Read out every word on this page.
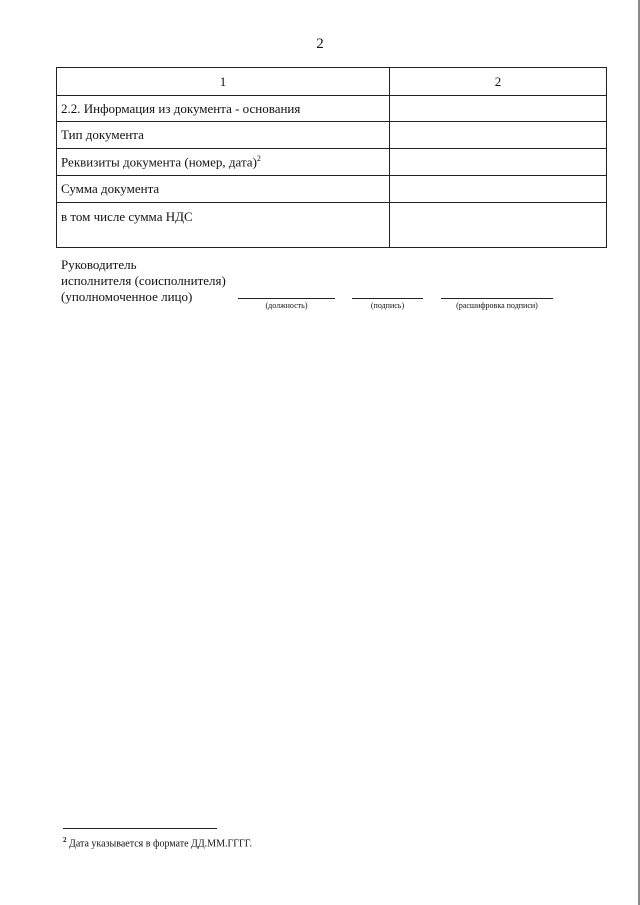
2
1	2
2.2. Информация из документа - основания	
Тип документа	
Реквизиты документа (номер, дата)$^2$	
Сумма документа	
в том числе сумма НДС	
Руководитель
исполнителя (соисполнителя)
(уполномоченное лицо)
(должность)	(подпись)	(расшифровка подписи)
$^2$ Дата указывается в формате ДД.ММ.ГГГГ.
